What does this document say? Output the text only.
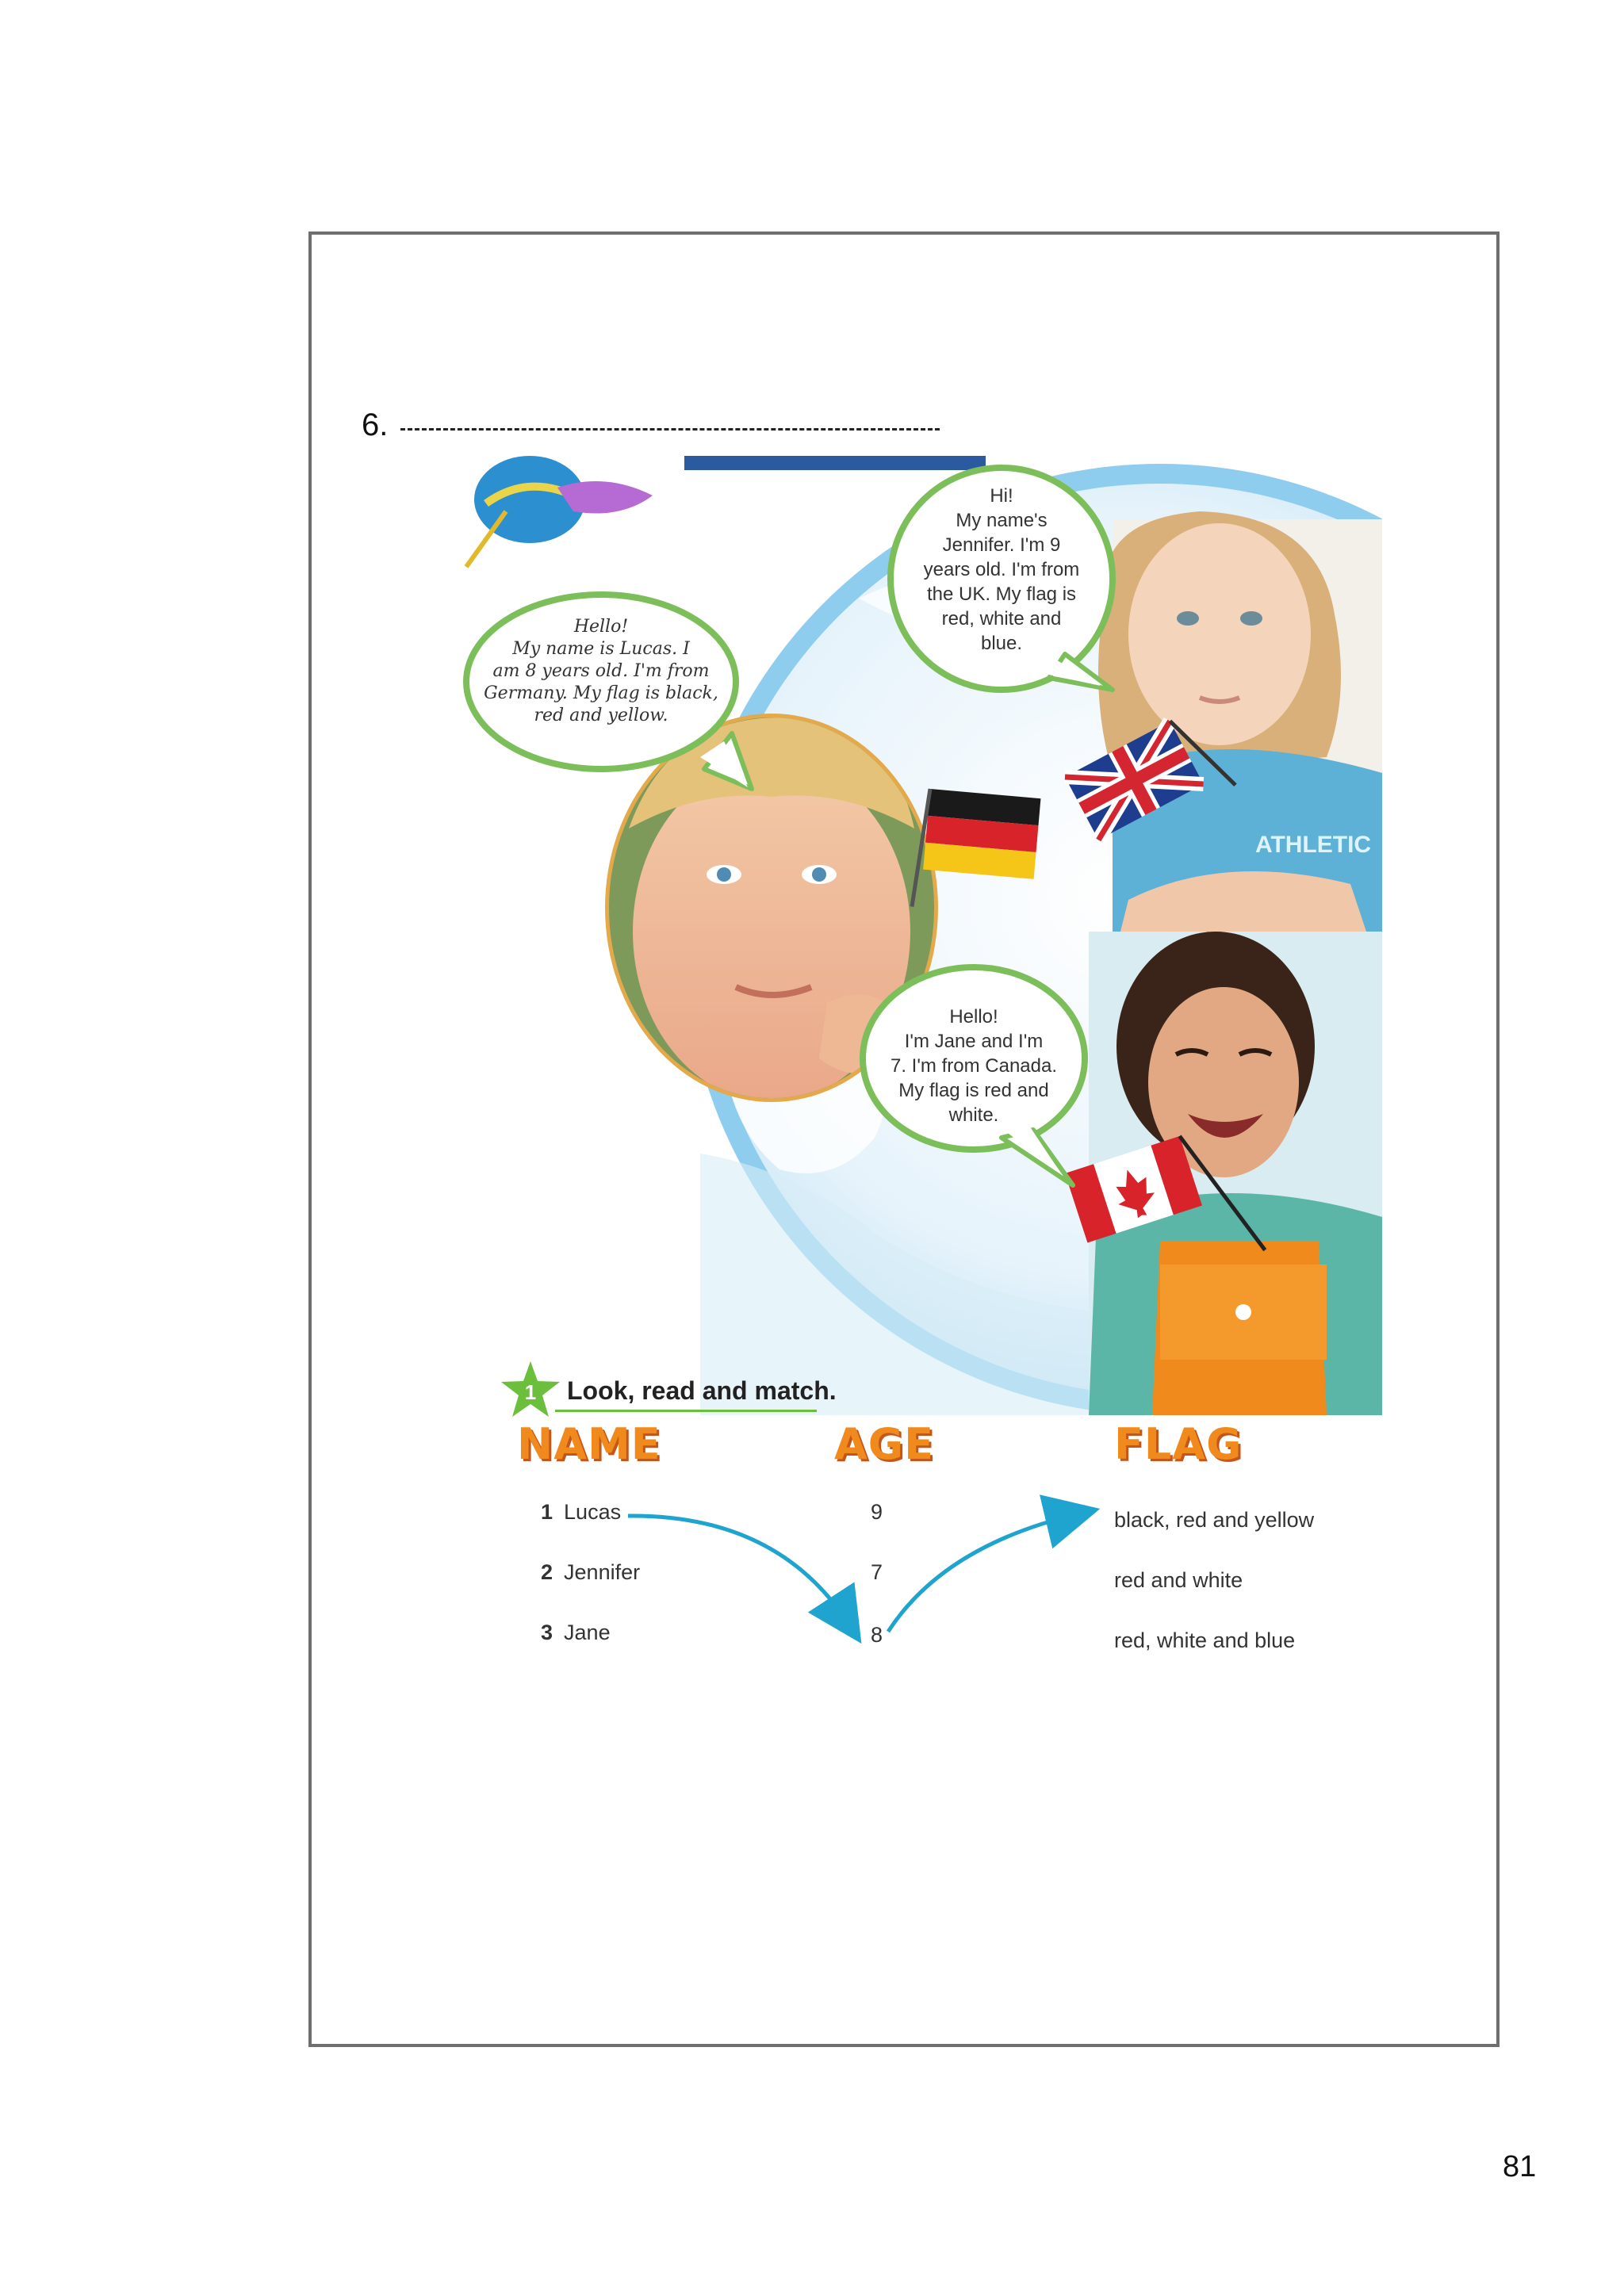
6.
ATHLETIC
Hello!
My name is Lucas. I
am 8 years old. I'm from
Germany. My flag is black,
red and yellow.
Hi!
My name's
Jennifer. I'm 9
years old. I'm from
the UK. My flag is
red, white and
blue.
Hello!
I'm Jane and I'm
7. I'm from Canada.
My flag is red and
white.
1 Look, read and match.
NAME	AGE	FLAG
1 Lucas
2 Jennifer
3 Jane
9
7
8
black, red and yellow
red and white
red, white and blue
81
